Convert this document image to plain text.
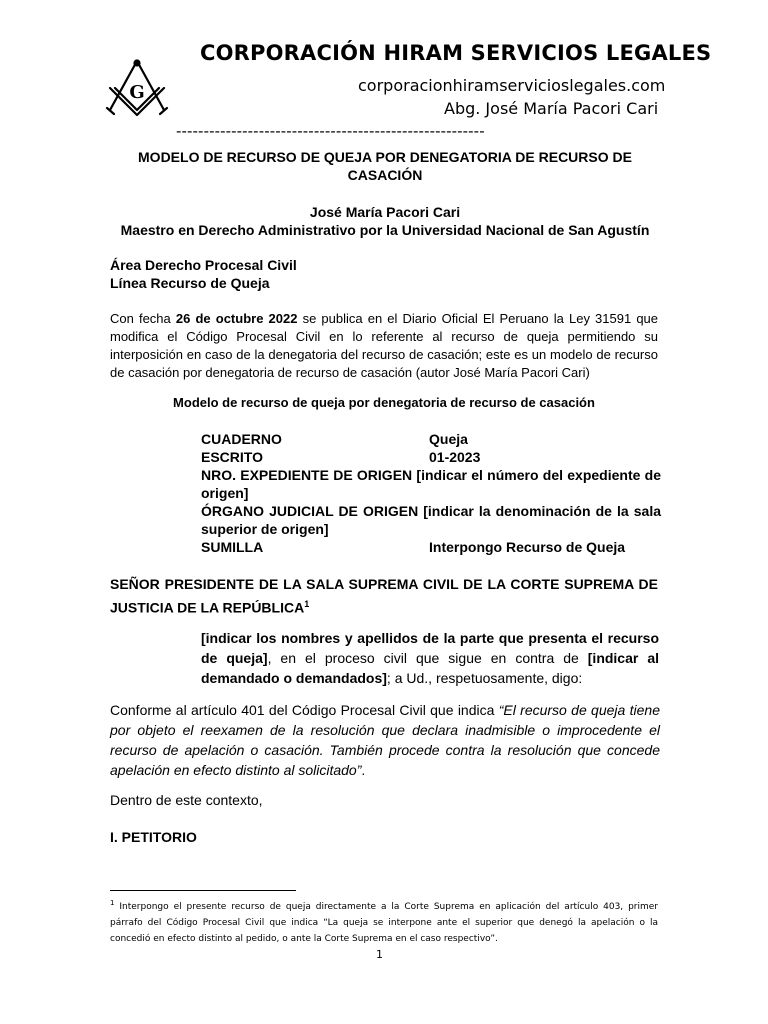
G
CORPORACIÓN HIRAM SERVICIOS LEGALES
corporacionhiramservicioslegales.com
Abg. José María Pacori Cari
--------------------------------------------------------
MODELO DE RECURSO DE QUEJA POR DENEGATORIA DE RECURSO DE
CASACIÓN
José María Pacori Cari
Maestro en Derecho Administrativo por la Universidad Nacional de San Agustín
Área Derecho Procesal Civil
Línea Recurso de Queja
Con fecha 26 de octubre 2022 se publica en el Diario Oficial El Peruano la Ley 31591 que modifica el Código Procesal Civil en lo referente al recurso de queja permitiendo su interposición en caso de la denegatoria del recurso de casación; este es un modelo de recurso de casación por denegatoria de recurso de casación (autor José María Pacori Cari)
Modelo de recurso de queja por denegatoria de recurso de casación
CUADERNO	Queja
ESCRITO	01-2023
NRO. EXPEDIENTE DE ORIGEN [indicar el número del expediente de origen]
ÓRGANO JUDICIAL DE ORIGEN [indicar la denominación de la sala superior de origen]
SUMILLA	Interpongo Recurso de Queja
SEÑOR PRESIDENTE DE LA SALA SUPREMA CIVIL DE LA CORTE SUPREMA DE JUSTICIA DE LA REPÚBLICA$^1$
[indicar los nombres y apellidos de la parte que presenta el recurso de queja], en el proceso civil que sigue en contra de [indicar al demandado o demandados]; a Ud., respetuosamente, digo:
Conforme al artículo 401 del Código Procesal Civil que indica “El recurso de queja tiene por objeto el reexamen de la resolución que declara inadmisible o improcedente el recurso de apelación o casación. También procede contra la resolución que concede apelación en efecto distinto al solicitado”.
Dentro de este contexto,
I. PETITORIO
$^1$ Interpongo el presente recurso de queja directamente a la Corte Suprema en aplicación del artículo 403, primer párrafo del Código Procesal Civil que indica “La queja se interpone ante el superior que denegó la apelación o la concedió en efecto distinto al pedido, o ante la Corte Suprema en el caso respectivo”.
1
